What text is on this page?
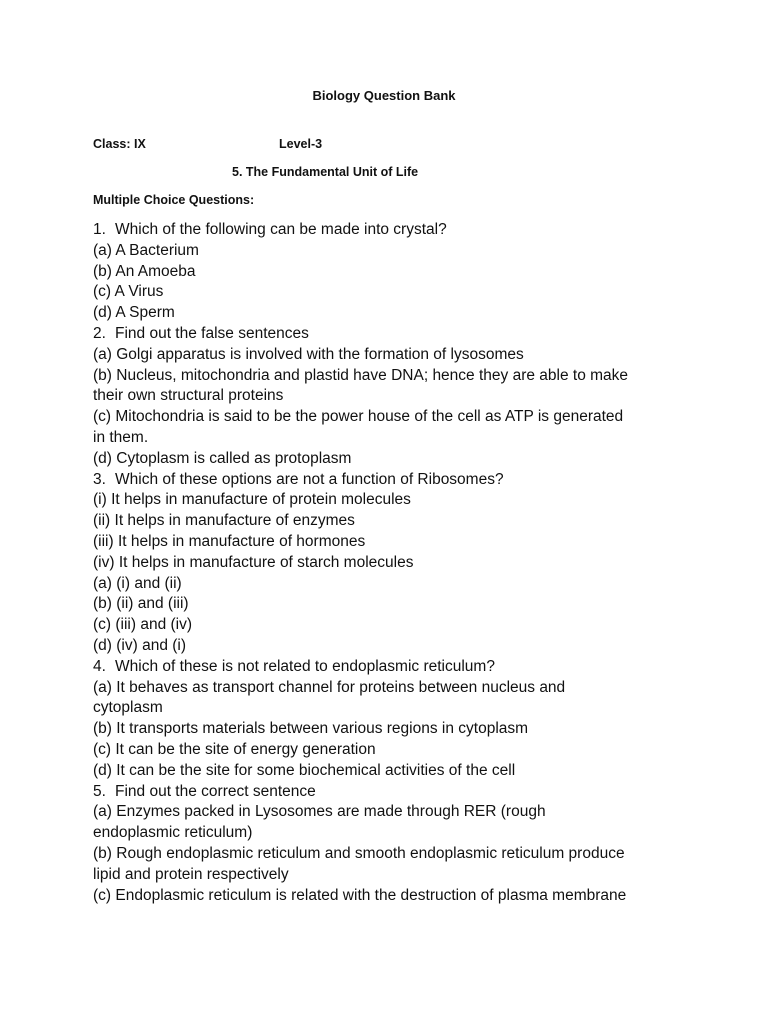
Biology Question Bank
Class: IX	Level-3
5. The Fundamental Unit of Life
Multiple Choice Questions:
1. Which of the following can be made into crystal?
(a) A Bacterium
(b) An Amoeba
(c) A Virus
(d) A Sperm
2. Find out the false sentences
(a) Golgi apparatus is involved with the formation of lysosomes
(b) Nucleus, mitochondria and plastid have DNA; hence they are able to make their own structural proteins
(c) Mitochondria is said to be the power house of the cell as ATP is generated in them.
(d) Cytoplasm is called as protoplasm
3. Which of these options are not a function of Ribosomes?
(i) It helps in manufacture of protein molecules
(ii) It helps in manufacture of enzymes
(iii) It helps in manufacture of hormones
(iv) It helps in manufacture of starch molecules
(a) (i) and (ii)
(b) (ii) and (iii)
(c) (iii) and (iv)
(d) (iv) and (i)
4. Which of these is not related to endoplasmic reticulum?
(a) It behaves as transport channel for proteins between nucleus and cytoplasm
(b) It transports materials between various regions in cytoplasm
(c) It can be the site of energy generation
(d) It can be the site for some biochemical activities of the cell
5. Find out the correct sentence
(a) Enzymes packed in Lysosomes are made through RER (rough endoplasmic reticulum)
(b) Rough endoplasmic reticulum and smooth endoplasmic reticulum produce lipid and protein respectively
(c) Endoplasmic reticulum is related with the destruction of plasma membrane
